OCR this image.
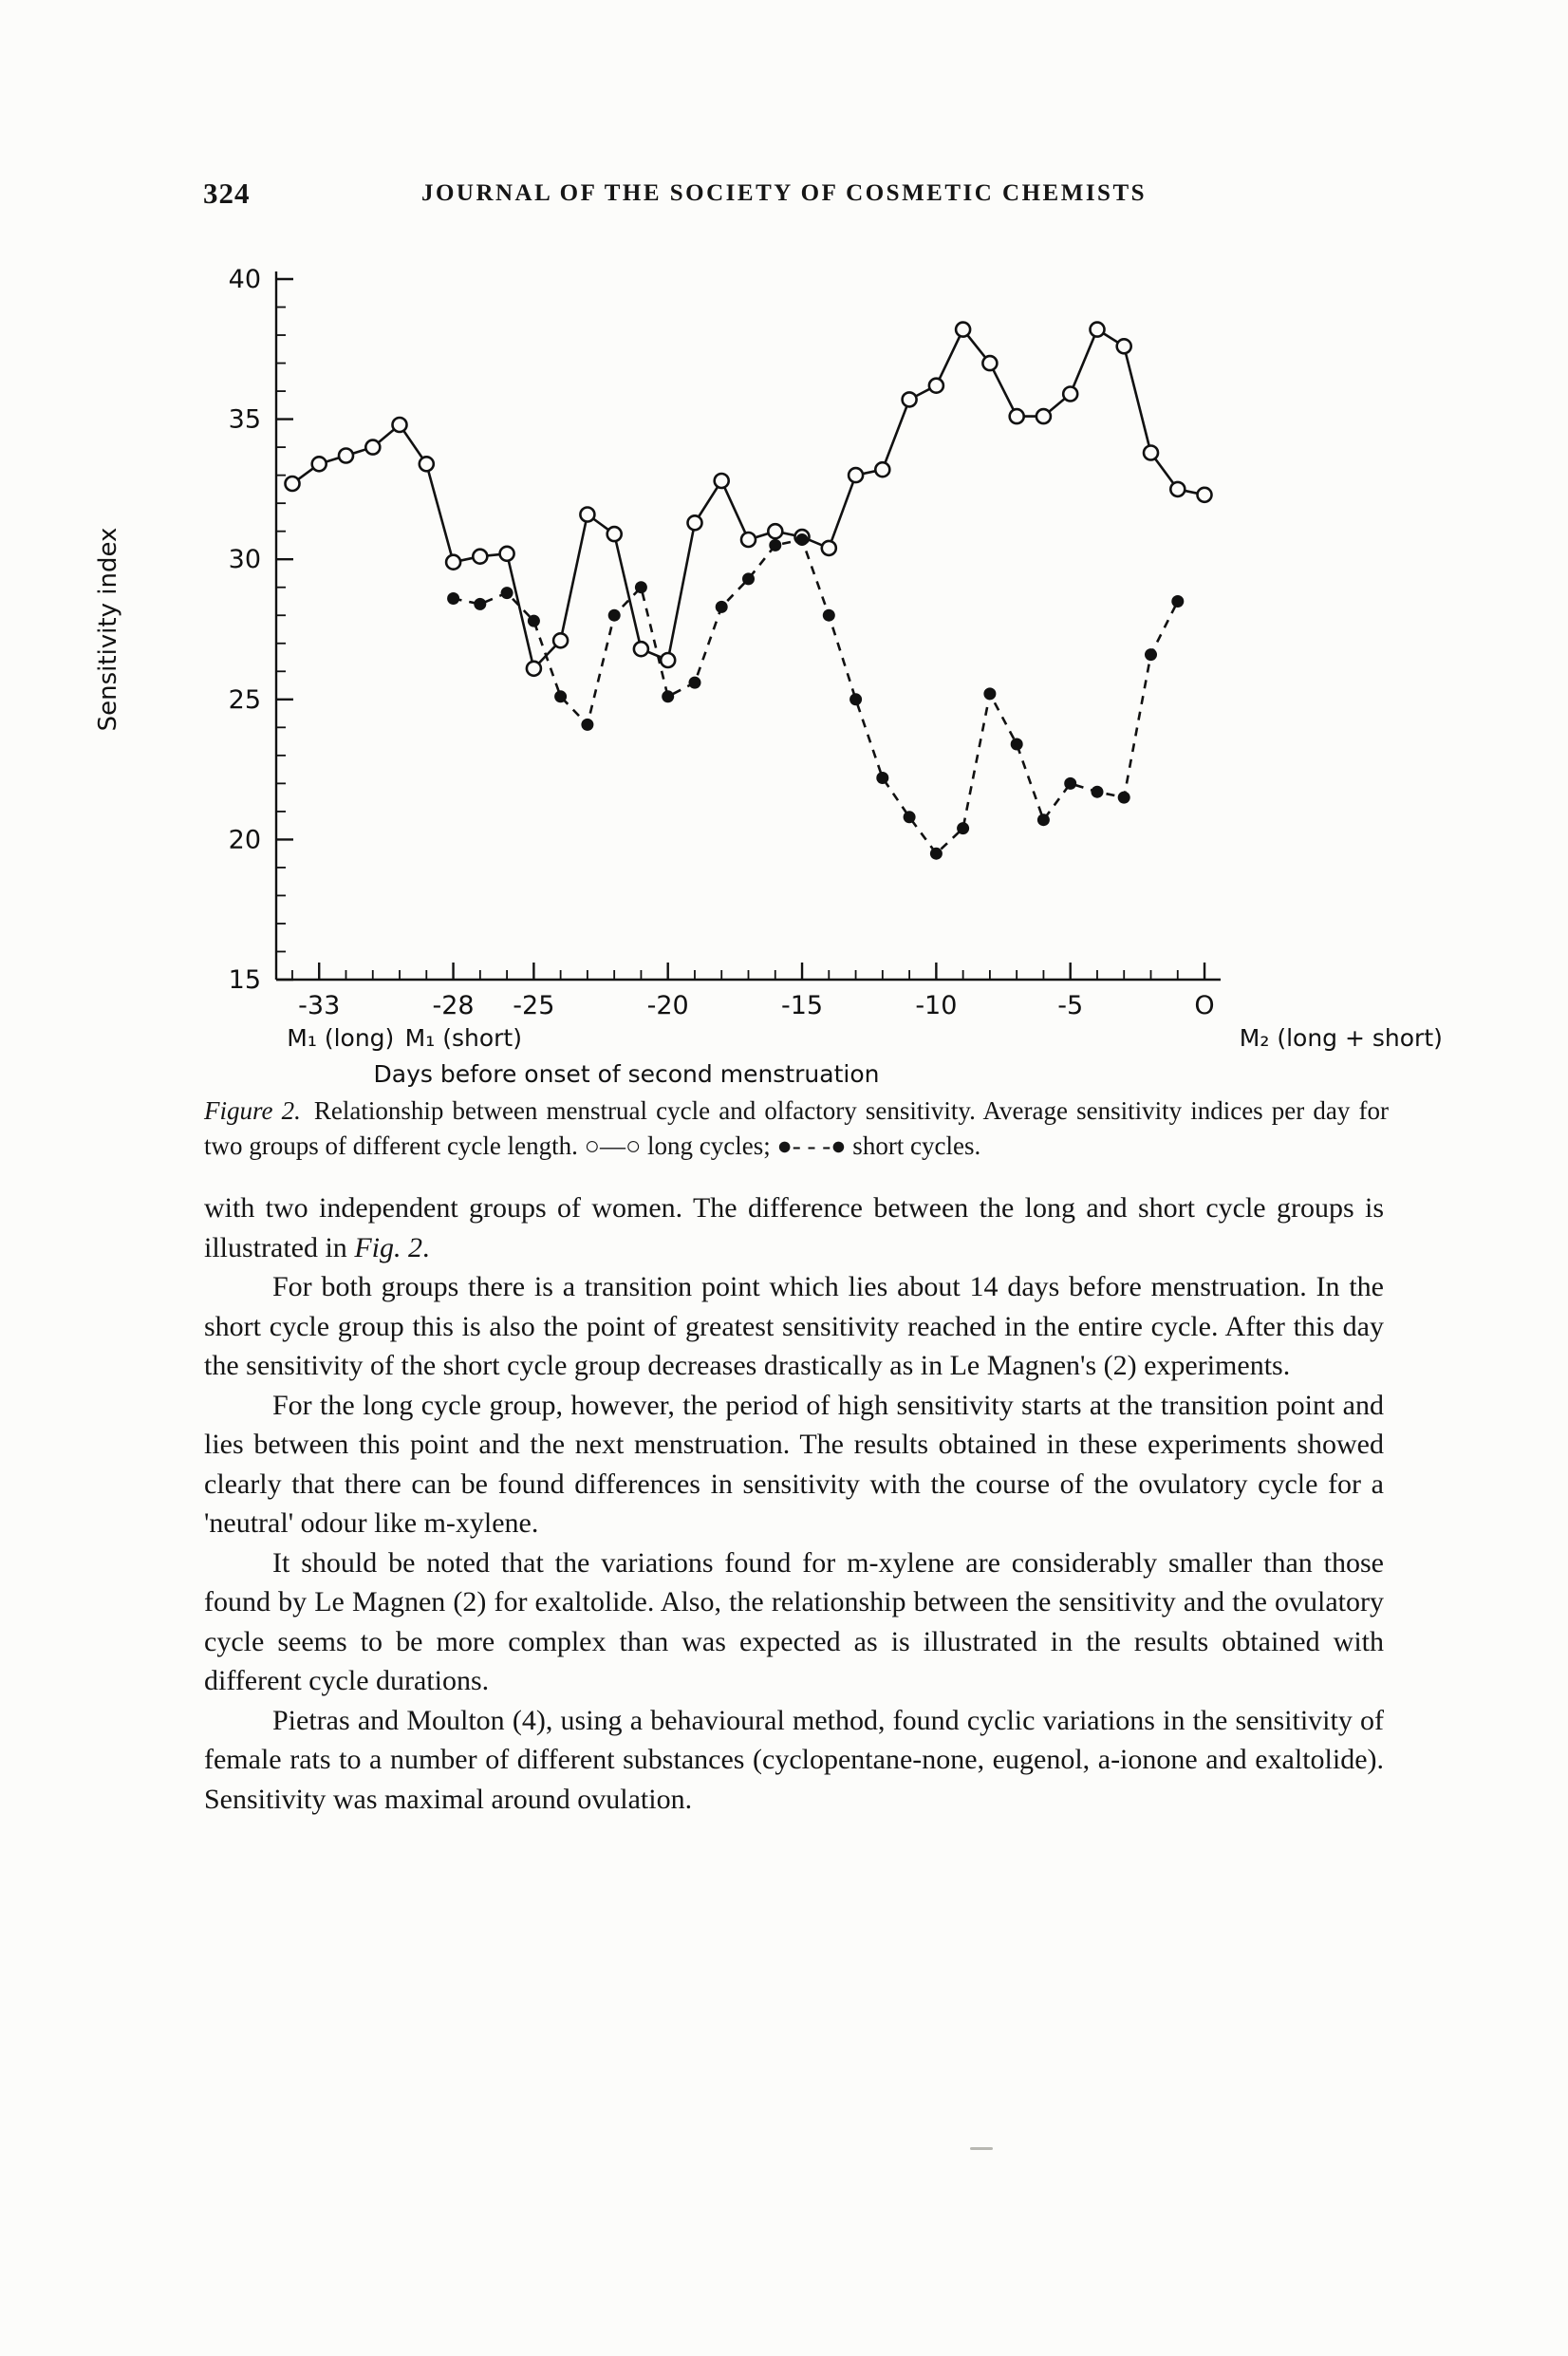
324	JOURNAL OF THE SOCIETY OF COSMETIC CHEMISTS
15
20
25
30
35
40
Sensitivity index
-33	-28 -25	-20	-15	-10	-5	O
M₁ (long) M₁ (short)	M₂ (long + short)
Days before onset of second menstruation
Figure 2. Relationship between menstrual cycle and olfactory sensitivity. Average sensitivity indices per day for two groups of different cycle length. ○—○ long cycles; ●- - -● short cycles.

with two independent groups of women. The difference between the long and short cycle groups is illustrated in Fig. 2.

For both groups there is a transition point which lies about 14 days before menstruation. In the short cycle group this is also the point of greatest sensitivity reached in the entire cycle. After this day the sensitivity of the short cycle group decreases drastically as in Le Magnen's (2) experiments.

For the long cycle group, however, the period of high sensitivity starts at the transition point and lies between this point and the next menstruation. The results obtained in these experiments showed clearly that there can be found differences in sensitivity with the course of the ovulatory cycle for a 'neutral' odour like m-xylene.

It should be noted that the variations found for m-xylene are considerably smaller than those found by Le Magnen (2) for exaltolide. Also, the relationship between the sensitivity and the ovulatory cycle seems to be more complex than was expected as is illustrated in the results obtained with different cycle durations.

Pietras and Moulton (4), using a behavioural method, found cyclic variations in the sensitivity of female rats to a number of different substances (cyclopentane-none, eugenol, a-ionone and exaltolide). Sensitivity was maximal around ovulation.
